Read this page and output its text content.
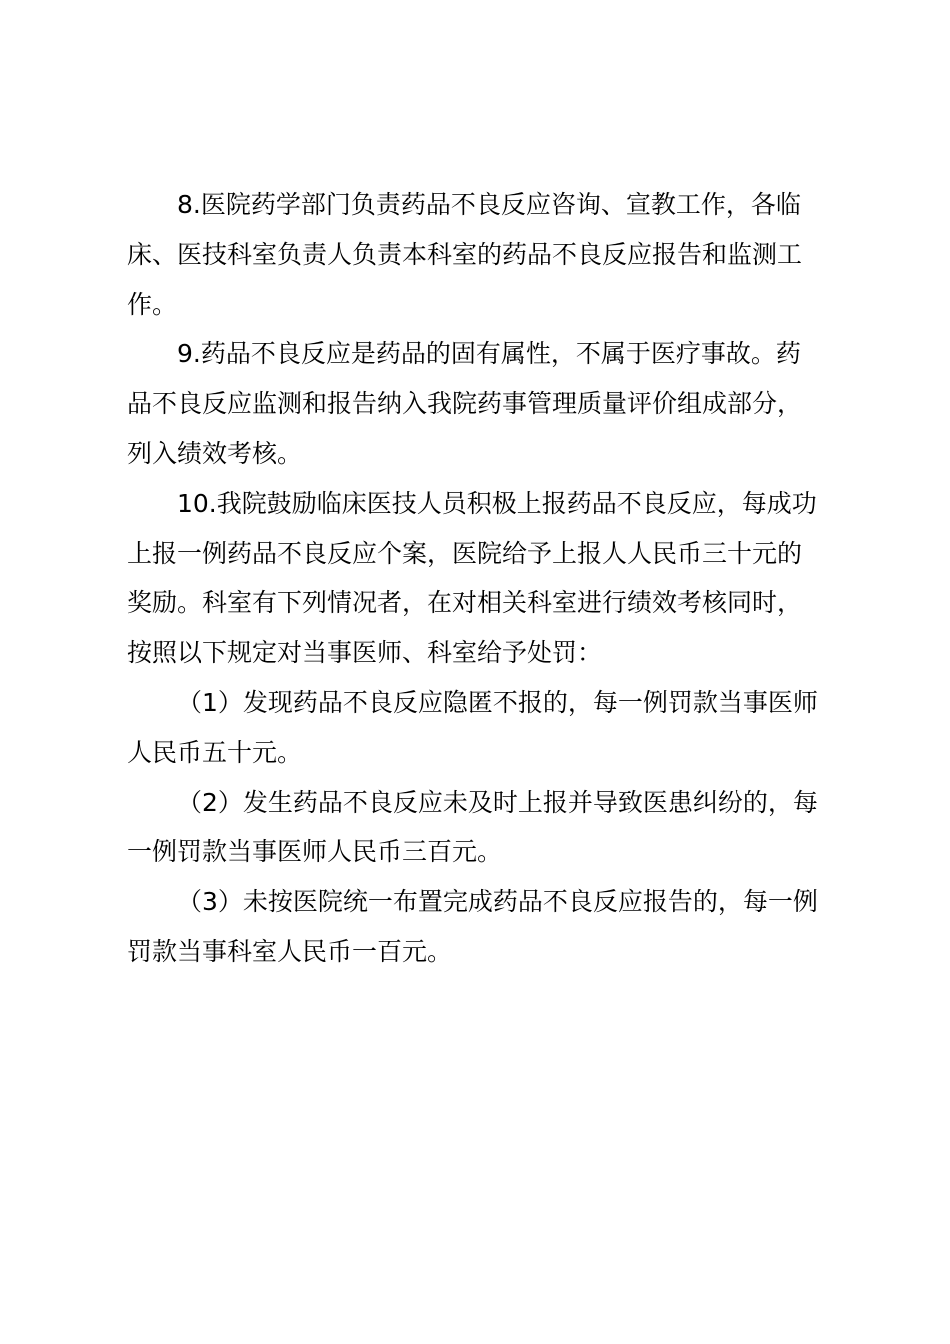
8.医院药学部门负责药品不良反应咨询、宣教工作，各临
床、医技科室负责人负责本科室的药品不良反应报告和监测工
作。

9.药品不良反应是药品的固有属性，不属于医疗事故。药
品不良反应监测和报告纳入我院药事管理质量评价组成部分，
列入绩效考核。

10.我院鼓励临床医技人员积极上报药品不良反应，每成功
上报一例药品不良反应个案，医院给予上报人人民币三十元的
奖励。科室有下列情况者，在对相关科室进行绩效考核同时，
按照以下规定对当事医师、科室给予处罚：

（1）发现药品不良反应隐匿不报的，每一例罚款当事医师
人民币五十元。

（2）发生药品不良反应未及时上报并导致医患纠纷的，每
一例罚款当事医师人民币三百元。

（3）未按医院统一布置完成药品不良反应报告的，每一例
罚款当事科室人民币一百元。
